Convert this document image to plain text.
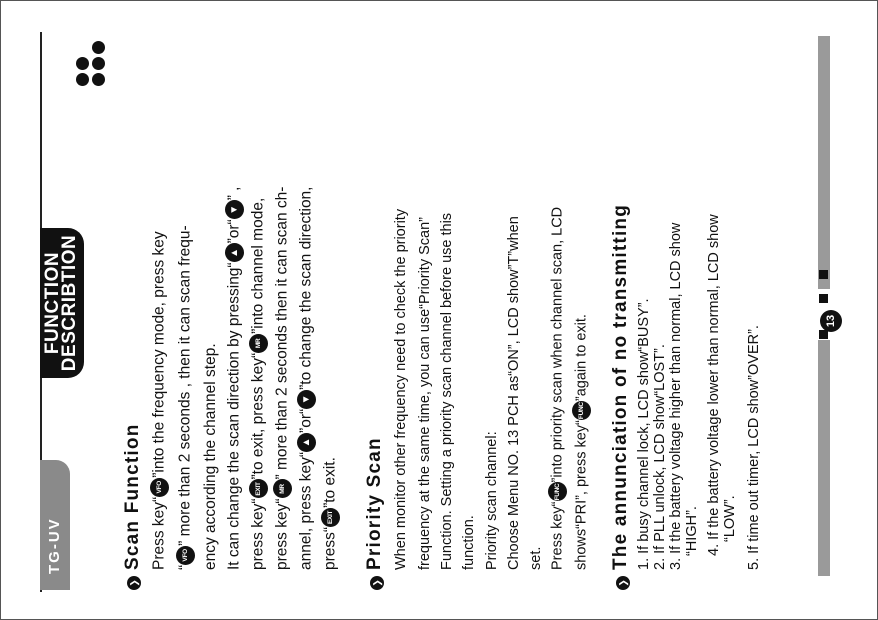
TG-UV
FUNCTION
DESCRIBTION
❯
Scan Function Press key“VFO”into the frequency mode, press key
“VFO” more than 2 seconds , then it can scan frequ- ency according the channel step. It can change the scan direction by pressing“▲”or“▼” ,
press key“EXIT”to exit, press key“MR”into channel mode,
press key“MR” more than 2 seconds then it can scan ch-
annel, press key“▲”or“▼”to change the scan direction,
press“EXIT”to exit.
❯
Priority Scan When monitor other frequency need to check the priority frequency at the same time, you can use“Priority Scan” Function. Setting a priority scan channel before use this function. Priority scan channel: Choose Menu NO. 13 PCH as“ON”, LCD show”T”when set. Press key“FUNC”into priority scan when channel scan, LCD
shows“PRI”, press key“FUNC”again to exit.
❯
The annunciation of no transmitting 1. If busy channel lock, LCD show“BUSY”. 2. If PLL unlock, LCD show“LOST”. 3. If the battery voltage higher than normal, LCD show “HIGH”. 4. If the battery voltage lower than normal, LCD show “LOW”. 5. If time out timer, LCD show”OVER”.
13
